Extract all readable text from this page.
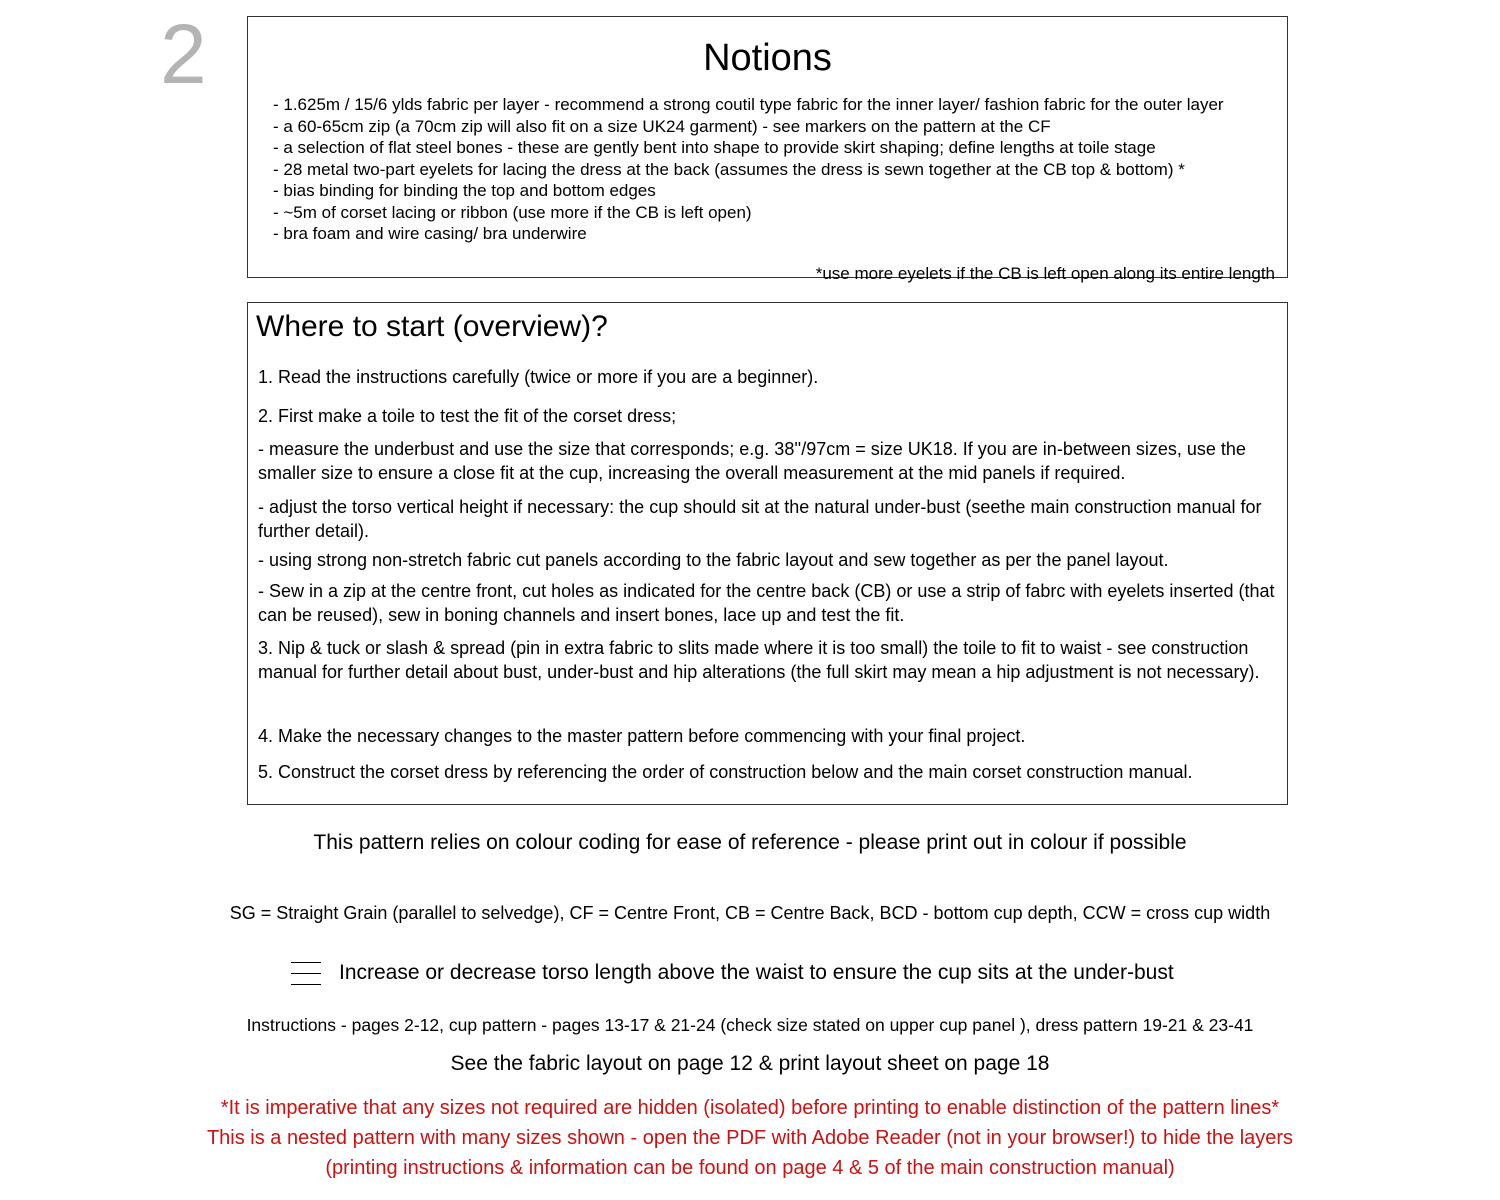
2	Notions
- 1.625m / 15/6 ylds fabric per layer - recommend a strong coutil type fabric for the inner layer/ fashion fabric for the outer layer
- a 60-65cm zip (a 70cm zip will also fit on a size UK24 garment) - see markers on the pattern at the CF
- a selection of flat steel bones - these are gently bent into shape to provide skirt shaping; define lengths at toile stage
- 28 metal two-part eyelets for lacing the dress at the back (assumes the dress is sewn together at the CB top & bottom) *
- bias binding for binding the top and bottom edges
- ~5m of corset lacing or ribbon (use more if the CB is left open)
- bra foam and wire casing/ bra underwire
*use more eyelets if the CB is left open along its entire length
Where to start (overview)?
1. Read the instructions carefully (twice or more if you are a beginner).
2. First make a toile to test the fit of the corset dress;
- measure the underbust and use the size that corresponds; e.g. 38''/97cm = size UK18. If you are in-between sizes, use the smaller size to ensure a close fit at the cup, increasing the overall measurement at the mid panels if required.
- adjust the torso vertical height if necessary: the cup should sit at the natural under-bust (seethe main construction manual for further detail).
- using strong non-stretch fabric cut panels according to the fabric layout and sew together as per the panel layout.
- Sew in a zip at the centre front, cut holes as indicated for the centre back (CB) or use a strip of fabrc with eyelets inserted (that can be reused), sew in boning channels and insert bones, lace up and test the fit.
3. Nip & tuck or slash & spread (pin in extra fabric to slits made where it is too small) the toile to fit to waist - see construction manual for further detail about bust, under-bust and hip alterations (the full skirt may mean a hip adjustment is not necessary).
4. Make the necessary changes to the master pattern before commencing with your final project.
5. Construct the corset dress by referencing the order of construction below and the main corset construction manual.
This pattern relies on colour coding for ease of reference - please print out in colour if possible
SG = Straight Grain (parallel to selvedge), CF = Centre Front, CB = Centre Back, BCD - bottom cup depth, CCW = cross cup width
Increase or decrease torso length above the waist to ensure the cup sits at the under-bust
Instructions - pages 2-12, cup pattern - pages 13-17 & 21-24 (check size stated on upper cup panel ), dress pattern 19-21 & 23-41
See the fabric layout on page 12 & print layout sheet on page 18
*It is imperative that any sizes not required are hidden (isolated) before printing to enable distinction of the pattern lines*
This is a nested pattern with many sizes shown - open the PDF with Adobe Reader (not in your browser!) to hide the layers
(printing instructions & information can be found on page 4 & 5 of the main construction manual)
